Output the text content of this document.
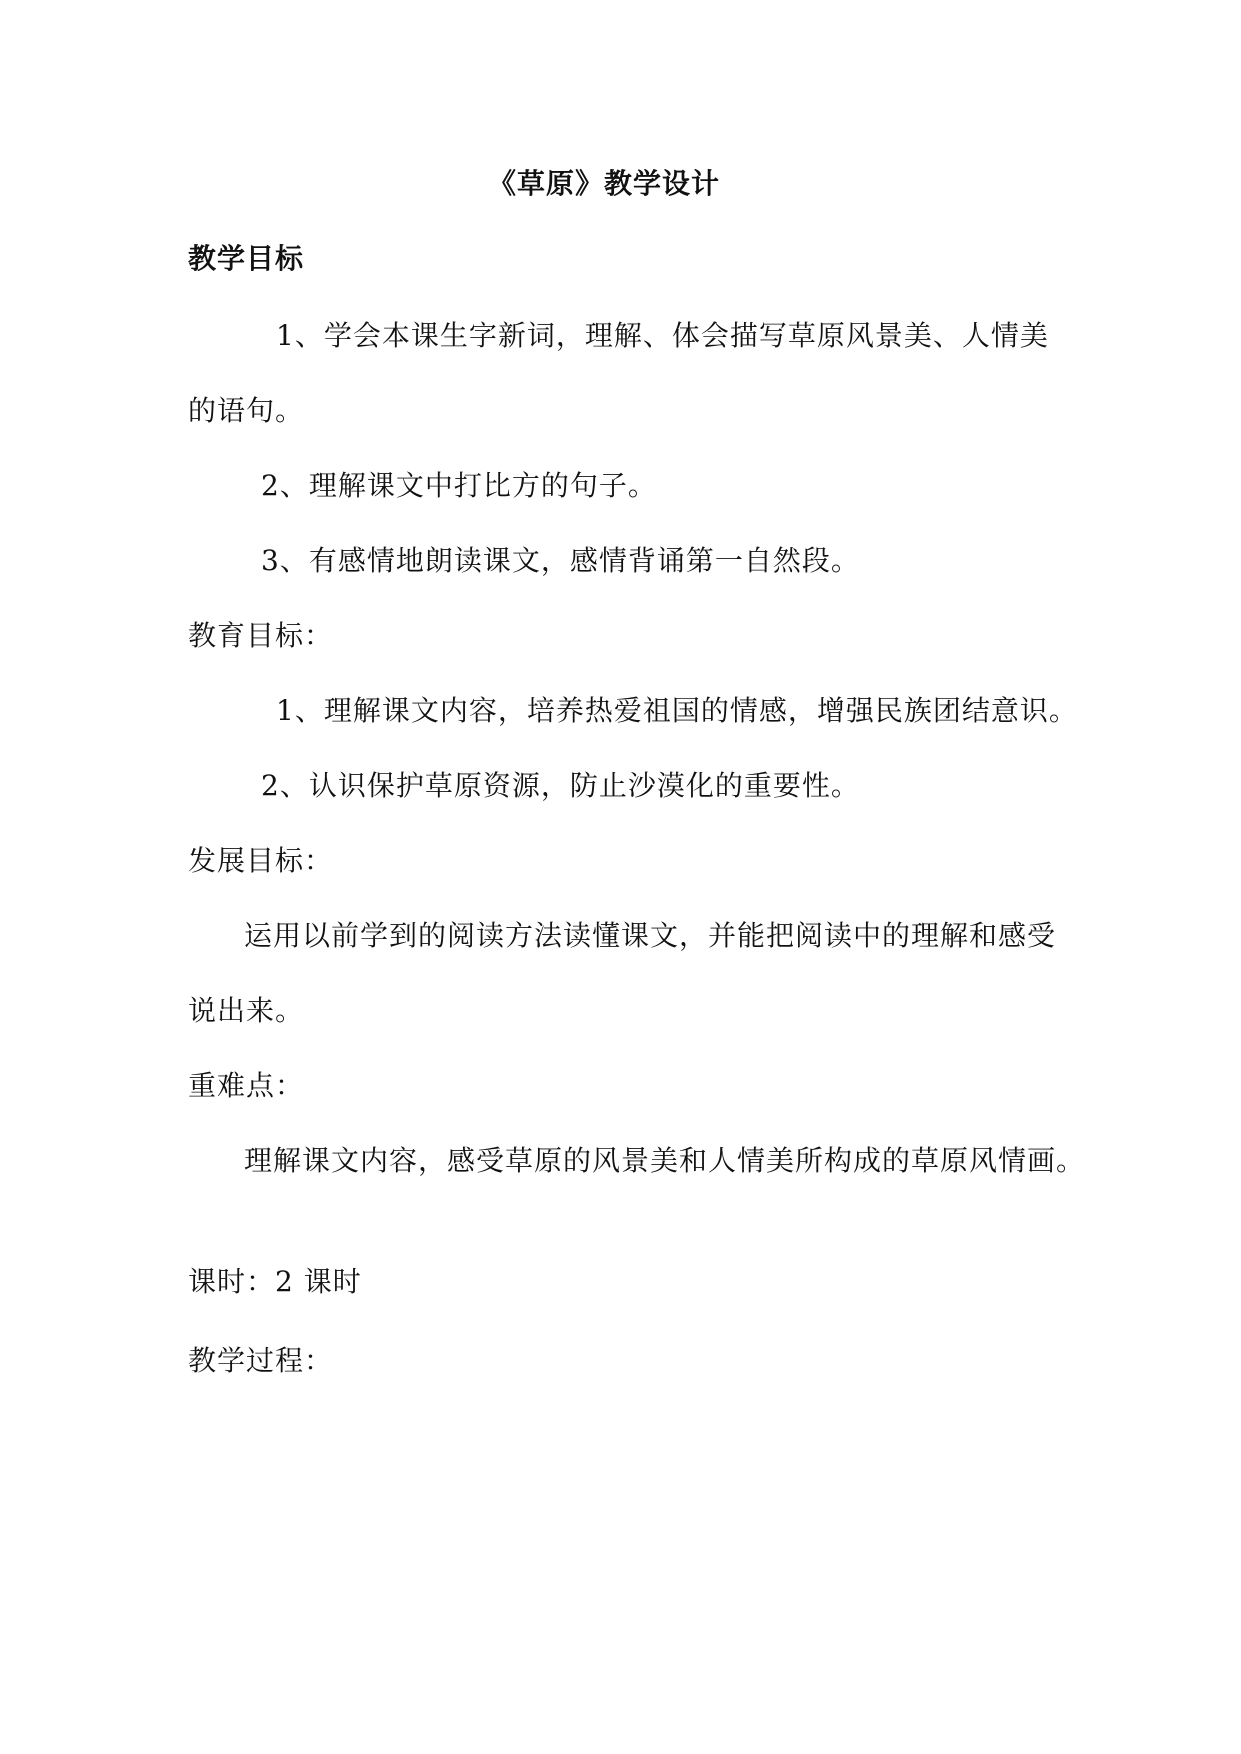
《草原》教学设计
教学目标
1、学会本课生字新词，理解、体会描写草原风景美、人情美
的语句。
2、理解课文中打比方的句子。
3、有感情地朗读课文，感情背诵第一自然段。
教育目标：
1、理解课文内容，培养热爱祖国的情感，增强民族团结意识。
2、认识保护草原资源，防止沙漠化的重要性。
发展目标：
运用以前学到的阅读方法读懂课文，并能把阅读中的理解和感受
说出来。
重难点：
理解课文内容，感受草原的风景美和人情美所构成的草原风情画。
课时：2 课时
教学过程：
